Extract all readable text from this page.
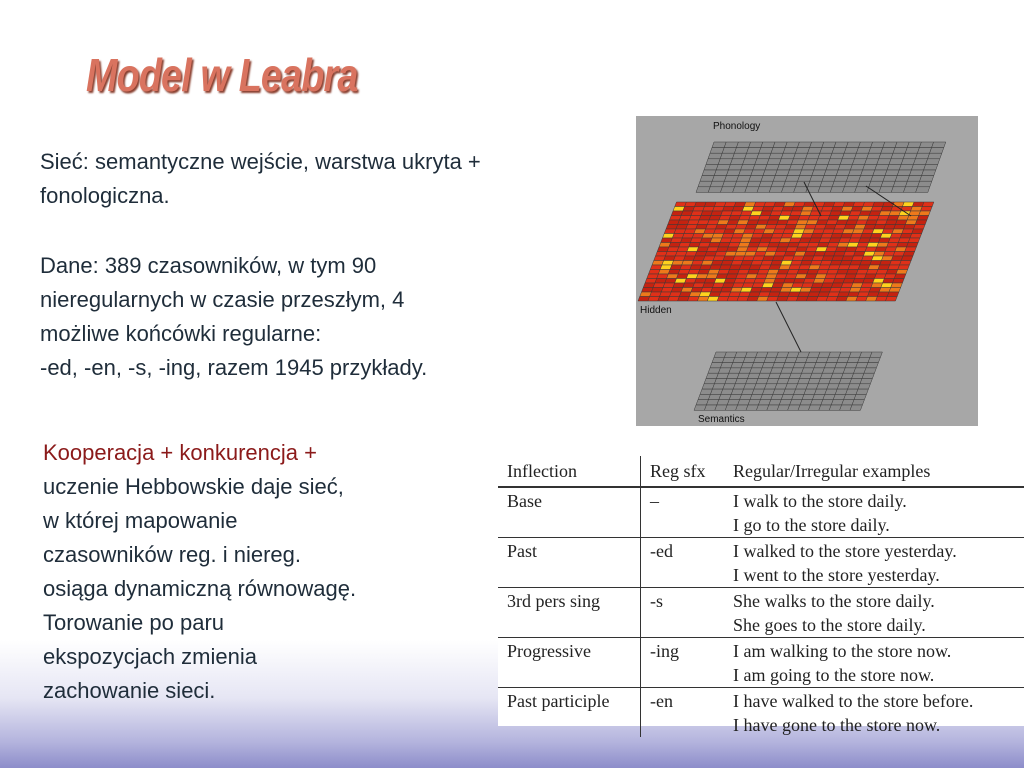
Model w Leabra

Sieć: semantyczne wejście, warstwa ukryta + fonologiczna.

Dane: 389 czasowników, w tym 90
nieregularnych w czasie przeszłym, 4
możliwe końcówki regularne:
-ed, -en, -s, -ing, razem 1945 przykłady.

Kooperacja + konkurencja +
uczenie Hebbowskie daje sieć,
w której mapowanie
czasowników reg. i niereg.
osiąga dynamiczną równowagę.
Torowanie po paru
ekspozycjach zmienia
zachowanie sieci.

Phonology
Hidden
Semantics
Inflection	Reg sfx	Regular/Irregular examples
Base	–	I walk to the store daily.
I go to the store daily.

Past	-ed	I walked to the store yesterday.
I went to the store yesterday.

3rd pers sing	-s	She walks to the store daily.
She goes to the store daily.

Progressive	-ing	I am walking to the store now.
I am going to the store now.

Past participle	-en	I have walked to the store before.
I have gone to the store now.
